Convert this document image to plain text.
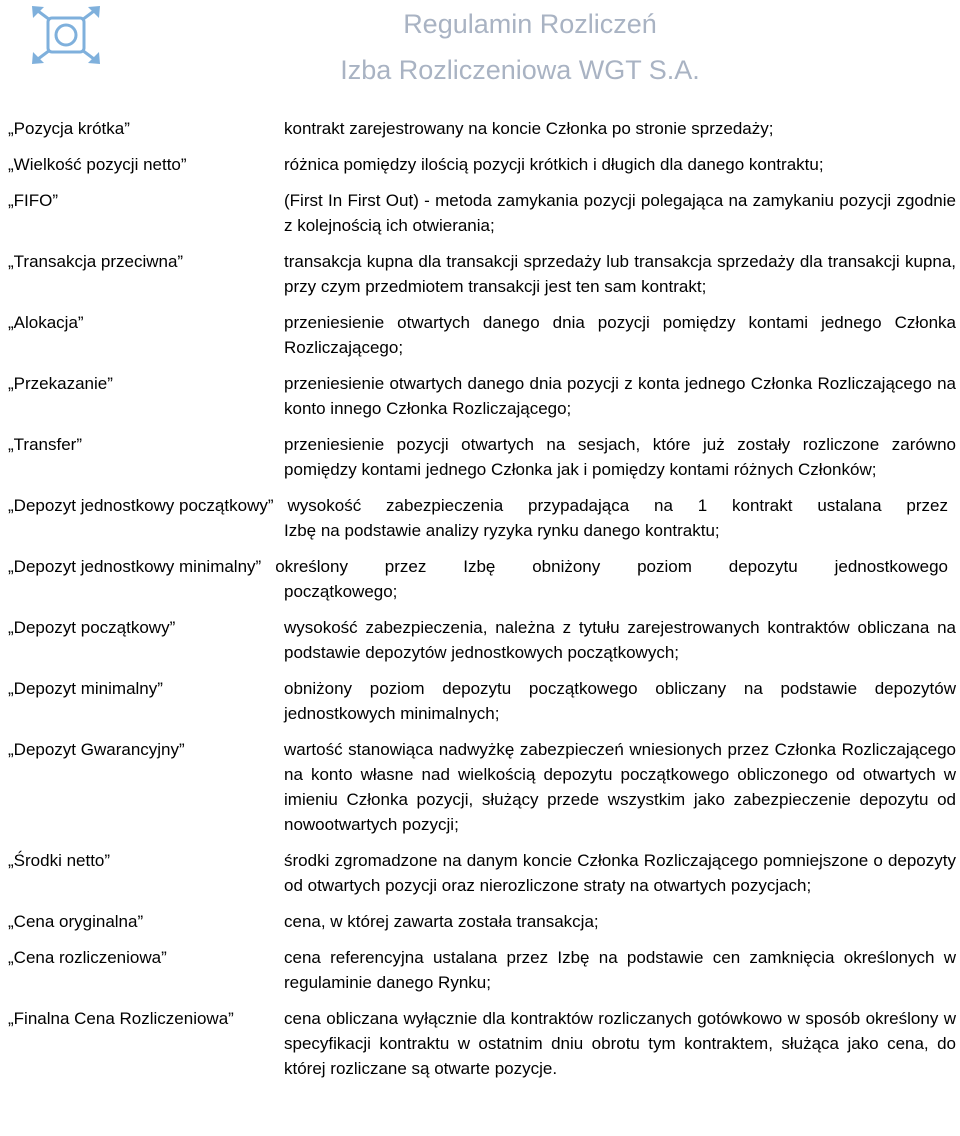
Regulamin Rozliczeń
Izba Rozliczeniowa WGT S.A.
„Pozycja krótka”	kontrakt zarejestrowany na koncie Członka po stronie sprzedaży;
„Wielkość pozycji netto”	różnica pomiędzy ilością pozycji krótkich i długich dla danego kontraktu;
„FIFO”	(First In First Out) - metoda zamykania pozycji polegająca na zamykaniu pozycji zgodnie z kolejnością ich otwierania;
„Transakcja przeciwna”	transakcja kupna dla transakcji sprzedaży lub transakcja sprzedaży dla transakcji kupna, przy czym przedmiotem transakcji jest ten sam kontrakt;
„Alokacja”	przeniesienie otwartych danego dnia pozycji pomiędzy kontami jednego Członka Rozliczającego;
„Przekazanie”	przeniesienie otwartych danego dnia pozycji z konta jednego Członka Rozliczającego na konto innego Członka Rozliczającego;
„Transfer”	przeniesienie pozycji otwartych na sesjach, które już zostały rozliczone zarówno pomiędzy kontami jednego Członka jak i pomiędzy kontami różnych Członków;
„Depozyt jednostkowy początkowy” wysokość zabezpieczenia przypadająca na 1 kontrakt ustalana przez
Izbę na podstawie analizy ryzyka rynku danego kontraktu;
„Depozyt jednostkowy minimalny” określony przez Izbę obniżony poziom depozytu jednostkowego
początkowego;
„Depozyt początkowy”	wysokość zabezpieczenia, należna z tytułu zarejestrowanych kontraktów obliczana na podstawie depozytów jednostkowych początkowych;
„Depozyt minimalny”	obniżony poziom depozytu początkowego obliczany na podstawie depozytów jednostkowych minimalnych;
„Depozyt Gwarancyjny”	wartość stanowiąca nadwyżkę zabezpieczeń wniesionych przez Członka Rozliczającego na konto własne nad wielkością depozytu początkowego obliczonego od otwartych w imieniu Członka pozycji, służący przede wszystkim jako zabezpieczenie depozytu od nowootwartych pozycji;
„Środki netto”	środki zgromadzone na danym koncie Członka Rozliczającego pomniejszone o depozyty od otwartych pozycji oraz nierozliczone straty na otwartych pozycjach;
„Cena oryginalna”	cena, w której zawarta została transakcja;
„Cena rozliczeniowa”	cena referencyjna ustalana przez Izbę na podstawie cen zamknięcia określonych w regulaminie danego Rynku;
„Finalna Cena Rozliczeniowa”	cena obliczana wyłącznie dla kontraktów rozliczanych gotówkowo w sposób określony w specyfikacji kontraktu w ostatnim dniu obrotu tym kontraktem, służąca jako cena, do której rozliczane są otwarte pozycje.
